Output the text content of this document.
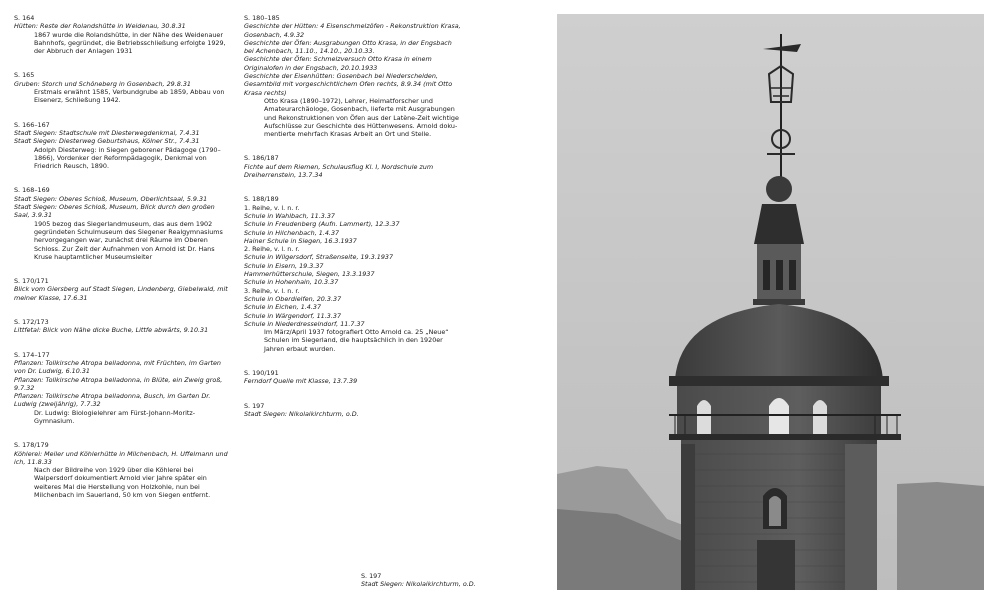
S. 164
Hütten: Reste der Rolandshütte in Weidenau, 30.8.31
1867 wurde die Rolandshütte, in der Nähe des Weidenauer Bahnhofs, gegründet, die Betriebsschließung erfolgte 1929, der Abbruch der Anlagen 1931
S. 165
Gruben: Storch und Schöneberg in Gosenbach, 29.8.31
Erstmals erwähnt 1585, Verbundgrube ab 1859, Abbau von Eisenerz, Schließung 1942.
S. 166–167
Stadt Siegen: Stadtschule mit Diesterwegdenkmal, 7.4.31
Stadt Siegen: Diesterweg Geburtshaus, Kölner Str., 7.4.31
Adolph Diesterweg: in Siegen geborener Pädagoge (1790–1866), Vordenker der Reformpädagogik, Denkmal von Friedrich Reusch, 1890.
S. 168–169
Stadt Siegen: Oberes Schloß, Museum, Oberlichtsaal, 5.9.31
Stadt Siegen: Oberes Schloß, Museum, Blick durch den großen Saal, 3.9.31
1905 bezog das Siegerlandmuseum, das aus dem 1902 gegründeten Schulmuseum des Siegener Realgymnasiums hervorgegangen war, zunächst drei Räume im Oberen Schloss. Zur Zeit der Aufnahmen von Arnold ist Dr. Hans Kruse hauptamtlicher Museumsleiter
S. 170/171
Blick vom Giersberg auf Stadt Siegen, Lindenberg, Giebelwald, mit meiner Klasse, 17.6.31
S. 172/173
Littfetal: Blick von Nähe dicke Buche, Littfe abwärts, 9.10.31
S. 174–177
Pflanzen: Tollkirsche Atropa belladonna, mit Früchten, im Garten von Dr. Ludwig, 6.10.31
Pflanzen: Tollkirsche Atropa belladonna, in Blüte, ein Zweig groß, 9.7.32
Pflanzen: Tollkirsche Atropa belladonna, Busch, im Garten Dr. Ludwig (zweijährig), 7.7.32
Dr. Ludwig: Biologielehrer am Fürst-Johann-Moritz-Gymnasium.
S. 178/179
Köhlerei: Meiler und Köhlerhütte in Milchenbach, H. Uffelmann und ich, 11.8.33
Nach der Bildreihe von 1929 über die Köhlerei bei Walpersdorf dokumentiert Arnold vier Jahre später ein weiteres Mal die Herstellung von Holzkohle, nun bei Milchenbach im Sauerland, 50 km von Siegen entfernt.
S. 180–185
Geschichte der Hütten: 4 Eisenschmelzöfen - Rekonstruktion Krasa, Gosenbach, 4.9.32
Geschichte der Öfen: Ausgrabungen Otto Krasa, in der Engsbach bei Achenbach, 11.10., 14.10., 20.10.33.
Geschichte der Öfen: Schmelzversuch Otto Krasa in einem Originalofen in der Engsbach, 20.10.1933
Geschichte der Eisenhütten: Gosenbach bei Niederschelden, Gesamtbild mit vorgeschichtlichem Ofen rechts, 8.9.34 (mit Otto Krasa rechts)
Otto Krasa (1890–1972), Lehrer, Heimatforscher und Amateurarchäologe, Gosenbach, lieferte mit Ausgrabungen und Rekonstruktionen von Öfen aus der Latène-Zeit wichtige Aufschlüsse zur Geschichte des Hüttenwesens. Arnold dokumentierte mehrfach Krasas Arbeit an Ort und Stelle.
S. 186/187
Fichte auf dem Riemen, Schulausflug Kl. I, Nordschule zum Dreiherrenstein, 13.7.34
S. 188/189
1. Reihe, v. l. n. r.
Schule in Wahlbach, 11.3.37
Schule in Freudenberg (Aufn. Lammert), 12.3.37
Schule in Hilchenbach, 1.4.37
Hainer Schule in Siegen, 16.3.1937
2. Reihe, v. l. n. r.
Schule in Wilgersdorf, Straßenseite, 19.3.1937
Schule in Eisern, 19.3.37
Hammerhütterschule, Siegen, 13.3.1937
Schule in Hohenhain, 10.3.37
3. Reihe, v. l. n. r.
Schule in Oberdielfen, 20.3.37
Schule in Eichen, 1.4.37
Schule in Wärgendorf, 11.3.37
Schule in Niederdresselndorf, 11.7.37
Im März/April 1937 fotografiert Otto Arnold ca. 25 „Neue“ Schulen im Siegerland, die hauptsächlich in den 1920er Jahren erbaut wurden.
S. 190/191
Ferndorf Quelle mit Klasse, 13.7.39
S. 197
Stadt Siegen: Nikolaikirchturm, o.D.
S. 197
Stadt Siegen: Nikolaikirchturm, o.D.
